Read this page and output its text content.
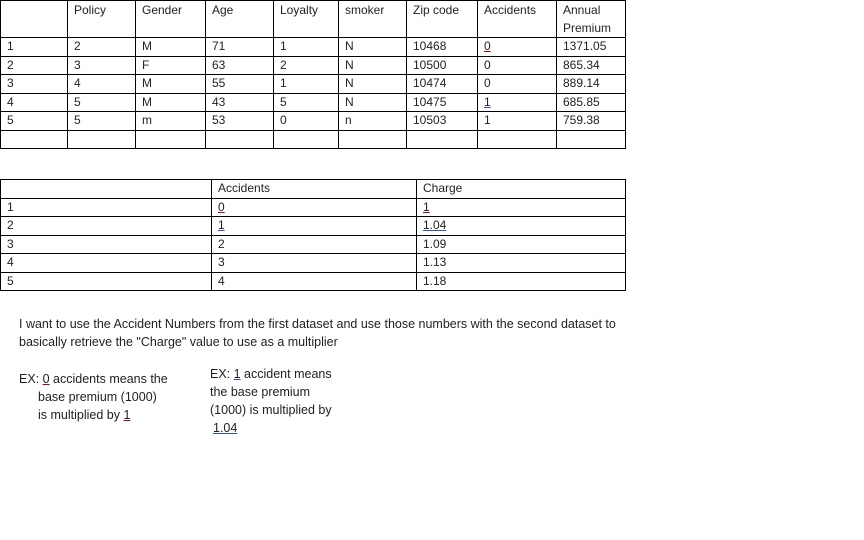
	Policy	Gender	Age	Loyalty	smoker	Zip code	Accidents	Annual Premium
1	2	M	71	1	N	10468	0	1371.05
2	3	F	63	2	N	10500	0	865.34
3	4	M	55	1	N	10474	0	889.14
4	5	M	43	5	N	10475	1	685.85
5	5	m	53	0	n	10503	1	759.38

	Accidents	Charge
1	0	1
2	1	1.04
3	2	1.09
4	3	1.13
5	4	1.18
I want to use the Accident Numbers from the first dataset and use those numbers with the second dataset to basically retrieve the "Charge" value to use as a multiplier
EX: 0 accidents means the
base premium (1000)
is multiplied by 1
EX: 1 accident means
the base premium
(1000) is multiplied by
1.04
